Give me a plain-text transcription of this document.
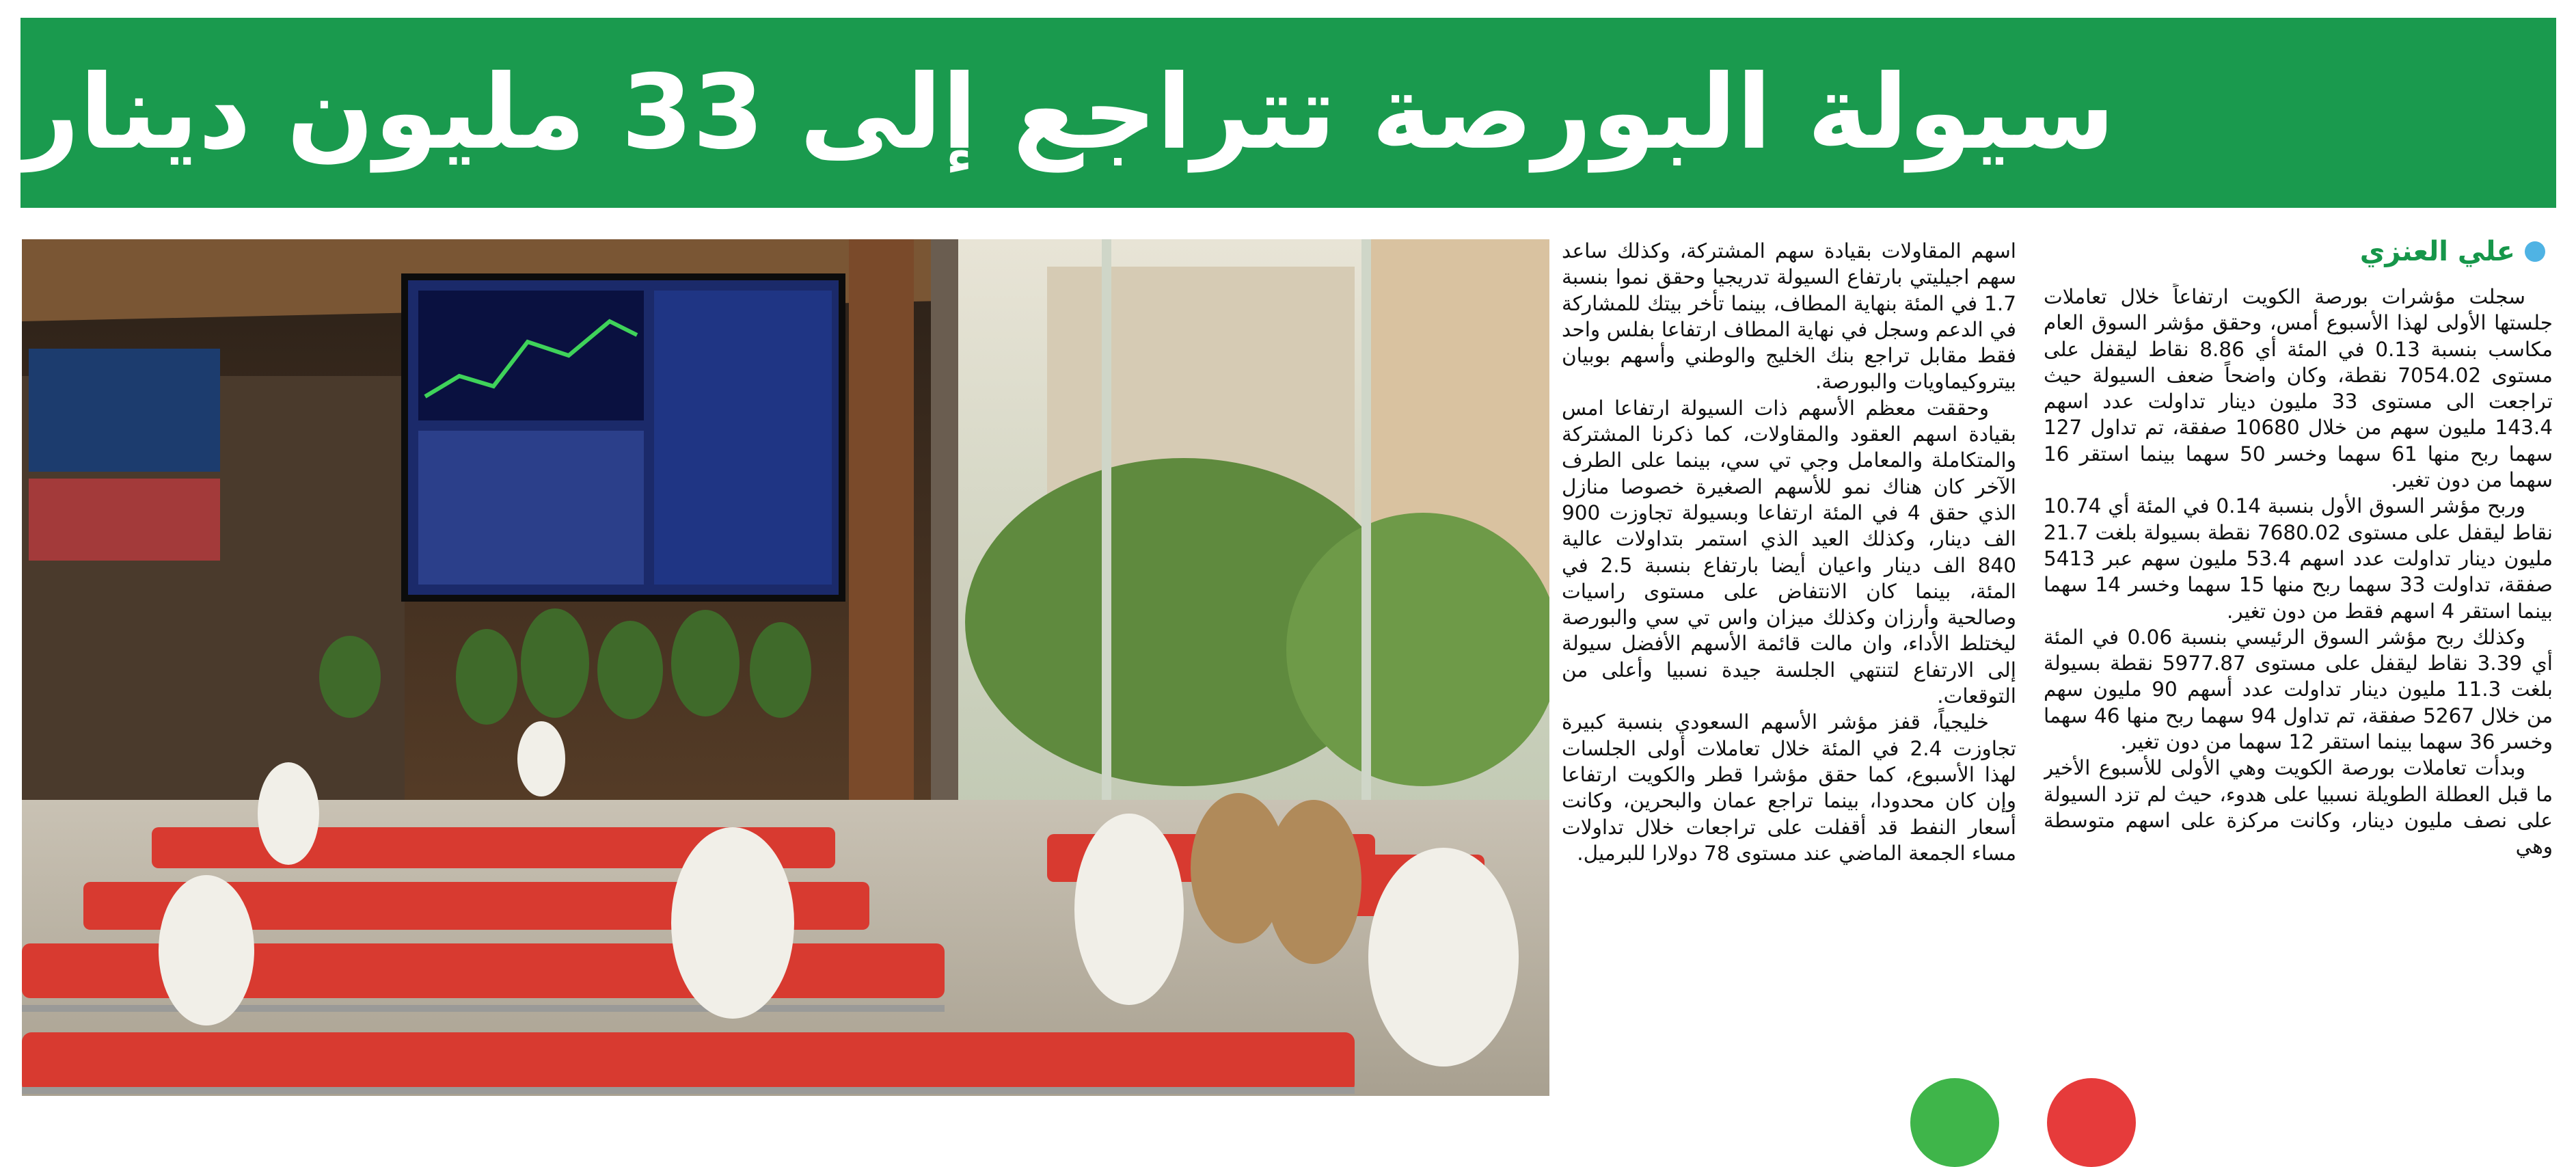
سيولة البورصة تتراجع إلى 33 مليون دينار
علي العنزي

سجلت مؤشرات بورصة الكويت ارتفاعاً خلال تعاملات جلستها الأولى لهذا الأسبوع أمس، وحقق مؤشر السوق العام مكاسب بنسبة 0.13 في المئة أي 8.86 نقاط ليقفل على مستوى 7054.02 نقطة، وكان واضحاً ضعف السيولة حيث تراجعت الى مستوى 33 مليون دينار تداولت عدد اسهم 143.4 مليون سهم من خلال 10680 صفقة، تم تداول 127 سهما ربح منها 61 سهما وخسر 50 سهما بينما استقر 16 سهما من دون تغير.

وربح مؤشر السوق الأول بنسبة 0.14 في المئة أي 10.74 نقاط ليقفل على مستوى 7680.02 نقطة بسيولة بلغت 21.7 مليون دينار تداولت عدد اسهم 53.4 مليون سهم عبر 5413 صفقة، تداولت 33 سهما ربح منها 15 سهما وخسر 14 سهما بينما استقر 4 اسهم فقط من دون تغير.

وكذلك ربح مؤشر السوق الرئيسي بنسبة 0.06 في المئة أي 3.39 نقاط ليقفل على مستوى 5977.87 نقطة بسيولة بلغت 11.3 مليون دينار تداولت عدد أسهم 90 مليون سهم من خلال 5267 صفقة، تم تداول 94 سهما ربح منها 46 سهما وخسر 36 سهما بينما استقر 12 سهما من دون تغير.

وبدأت تعاملات بورصة الكويت وهي الأولى للأسبوع الأخير ما قبل العطلة الطويلة نسبيا على هدوء، حيث لم تزد السيولة على نصف مليون دينار، وكانت مركزة على اسهم متوسطة وهي

اسهم المقاولات بقيادة سهم المشتركة، وكذلك ساعد سهم اجيليتي بارتفاع السيولة تدريجيا وحقق نموا بنسبة 1.7 في المئة بنهاية المطاف، بينما تأخر بيتك للمشاركة في الدعم وسجل في نهاية المطاف ارتفاعا بفلس واحد فقط مقابل تراجع بنك الخليج والوطني وأسهم بوبيان بيتروكيماويات والبورصة.

وحققت معظم الأسهم ذات السيولة ارتفاعا امس بقيادة اسهم العقود والمقاولات، كما ذكرنا المشتركة والمتكاملة والمعامل وجي تي سي، بينما على الطرف الآخر كان هناك نمو للأسهم الصغيرة خصوصا منازل الذي حقق 4 في المئة ارتفاعا وبسيولة تجاوزت 900 الف دينار، وكذلك العيد الذي استمر بتداولات عالية 840 الف دينار واعيان أيضا بارتفاع بنسبة 2.5 في المئة، بينما كان الانتفاض على مستوى راسيات وصالحية وأرزان وكذلك ميزان واس تي سي والبورصة ليختلط الأداء، وان مالت قائمة الأسهم الأفضل سيولة إلى الارتفاع لتنتهي الجلسة جيدة نسبيا وأعلى من التوقعات.

خليجياً، قفز مؤشر الأسهم السعودي بنسبة كبيرة تجاوزت 2.4 في المئة خلال تعاملات أولى الجلسات لهذا الأسبوع، كما حقق مؤشرا قطر والكويت ارتفاعا وإن كان محدودا، بينما تراجع عمان والبحرين، وكانت أسعار النفط قد أقفلت على تراجعات خلال تداولات مساء الجمعة الماضي عند مستوى 78 دولارا للبرميل.
